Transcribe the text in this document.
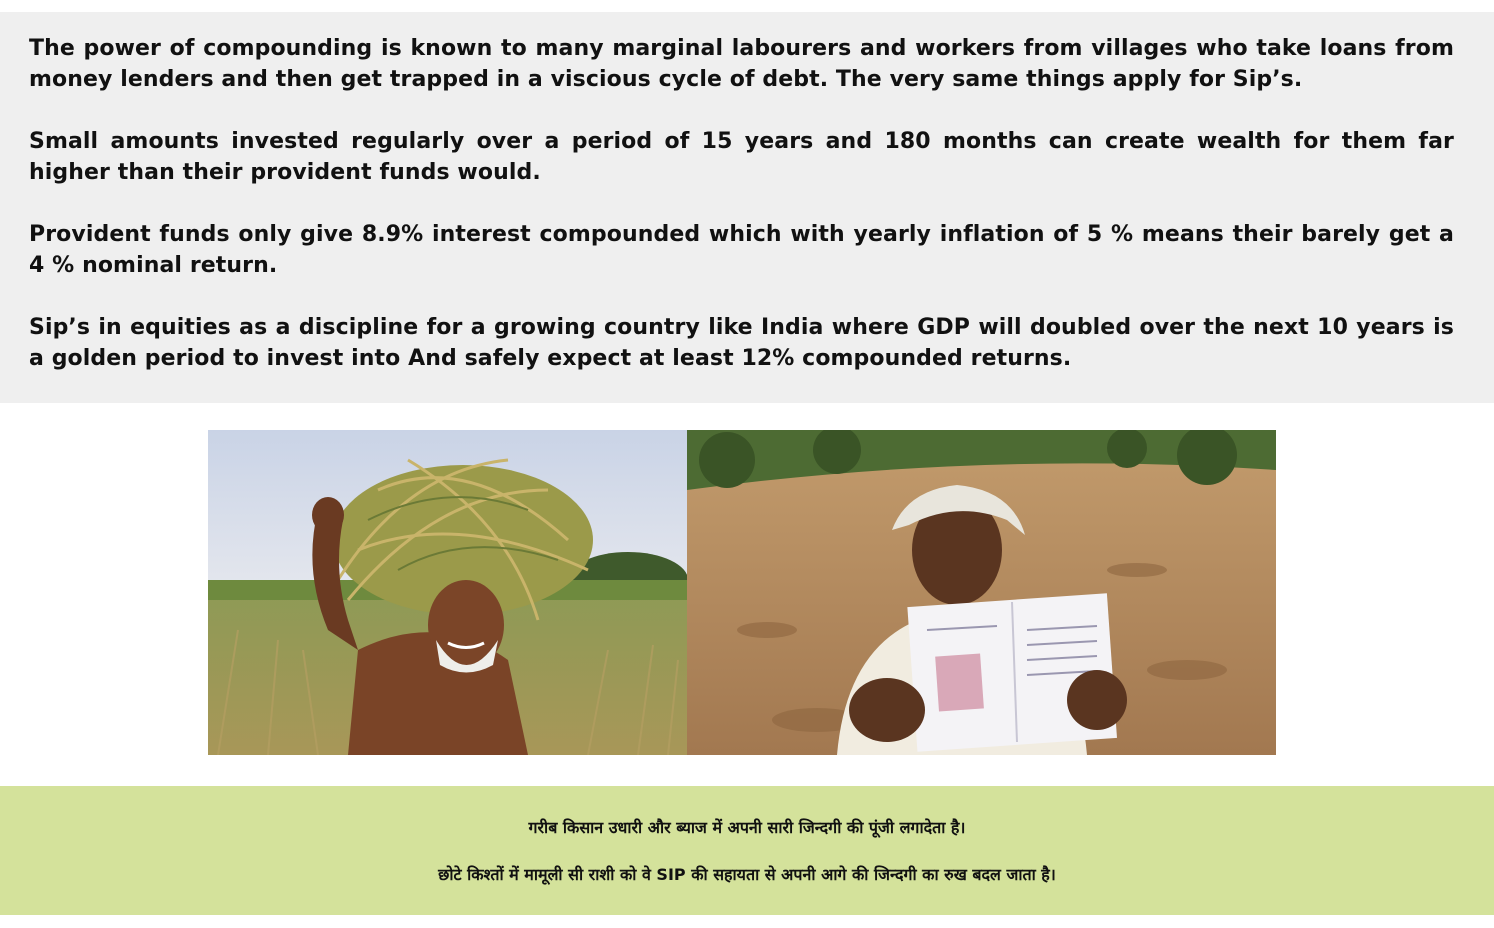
The power of compounding is known to many marginal labourers and workers from villages who take loans from money lenders and then get trapped in a viscious cycle of debt. The very same things apply for Sip’s.

Small amounts invested regularly over a period of 15 years and 180 months can create wealth for them far higher than their provident funds would.

Provident funds only give 8.9% interest compounded which with yearly inflation of 5 % means their barely get a 4 % nominal return.

Sip’s in equities as a discipline for a growing country like India where GDP will doubled over the next 10 years is a golden period to invest into And safely expect at least 12% compounded returns.

गरीब किसान उधारी और ब्याज में अपनी सारी जिन्दगी की पूंजी लगादेता है।
छोटे किश्तों में मामूली सी राशी को वे SIP की सहायता से अपनी आगे की जिन्दगी का रुख बदल जाता है।
